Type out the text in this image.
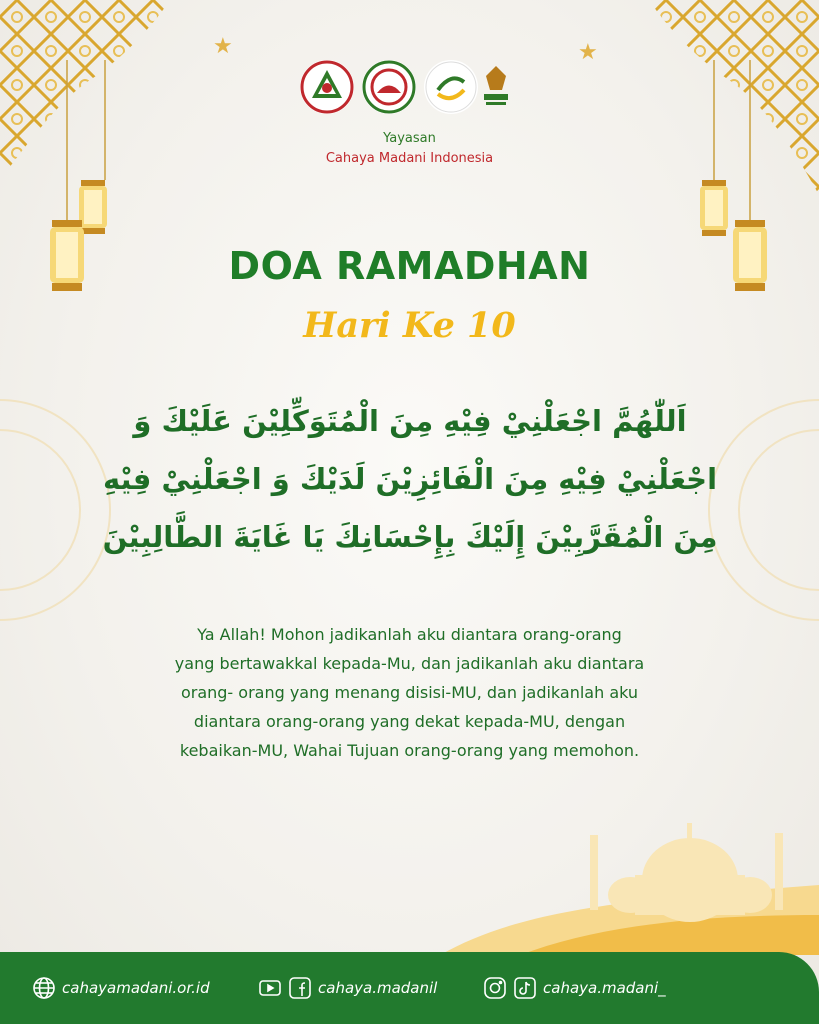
★	★
Yayasan
Cahaya Madani Indonesia
DOA RAMADHAN
Hari Ke 10
اَللّٰهُمَّ اجْعَلْنِيْ فِيْهِ مِنَ الْمُتَوَكِّلِيْنَ عَلَيْكَ وَ
اجْعَلْنِيْ فِيْهِ مِنَ الْفَائِزِيْنَ لَدَيْكَ وَ اجْعَلْنِيْ فِيْهِ
مِنَ الْمُقَرَّبِيْنَ إِلَيْكَ بِإِحْسَانِكَ يَا غَايَةَ الطَّالِبِيْنَ
Ya Allah! Mohon jadikanlah aku diantara orang-orang
yang bertawakkal kepada-Mu, dan jadikanlah aku diantara
orang- orang yang menang disisi-MU, dan jadikanlah aku
diantara orang-orang yang dekat kepada-MU, dengan
kebaikan-MU, Wahai Tujuan orang-orang yang memohon.
cahayamadani.or.id	cahaya.madanil	cahaya.madani_
